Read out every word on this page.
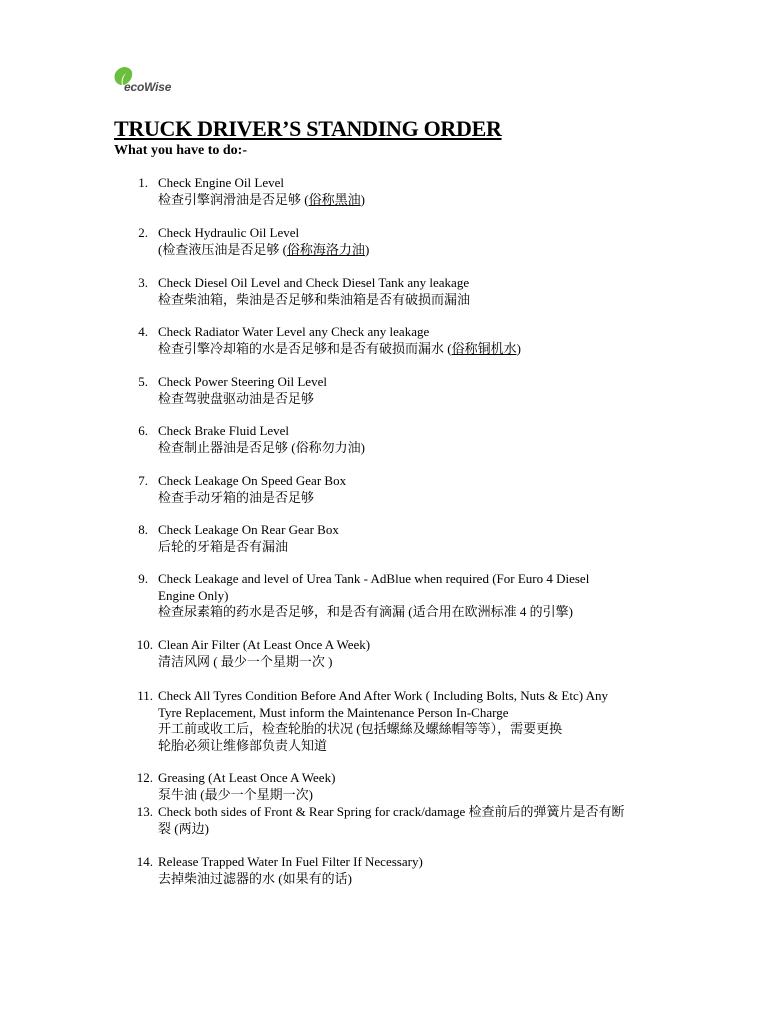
ecoWise
TRUCK DRIVER’S STANDING ORDER
What you have to do:-
1. Check Engine Oil Level
检查引擎润滑油是否足够 (俗称黑油)
2. Check Hydraulic Oil Level
(检查液压油是否足够 (俗称海洛力油)
3. Check Diesel Oil Level and Check Diesel Tank any leakage
检查柴油箱，柴油是否足够和柴油箱是否有破损而漏油
4. Check Radiator Water Level any Check any leakage
检查引擎冷却箱的水是否足够和是否有破损而漏水 (俗称铜机水)
5. Check Power Steering Oil Level
检查驾驶盘驱动油是否足够
6. Check Brake Fluid Level
检查制止器油是否足够 (俗称勿力油)
7. Check Leakage On Speed Gear Box
检查手动牙箱的油是否足够
8. Check Leakage On Rear Gear Box
后轮的牙箱是否有漏油
9. Check Leakage and level of Urea Tank - AdBlue when required (For Euro 4 Diesel
Engine Only)
检查尿素箱的药水是否足够，和是否有滴漏 (适合用在欧洲标准 4 的引擎)
10. Clean Air Filter (At Least Once A Week)
清洁风网 ( 最少一个星期一次 )
11. Check All Tyres Condition Before And After Work ( Including Bolts, Nuts & Etc) Any
Tyre Replacement, Must inform the Maintenance Person In-Charge
开工前或收工后，检查轮胎的状况 (包括螺絲及螺絲帽等等），需要更换
轮胎必须让维修部负责人知道
12. Greasing (At Least Once A Week)
泵牛油 (最少一个星期一次)
13. Check both sides of Front & Rear Spring for crack/damage 检查前后的弹簧片是否有断
裂 (两边)
14. Release Trapped Water In Fuel Filter If Necessary)
去掉柴油过滤器的水 (如果有的话)
